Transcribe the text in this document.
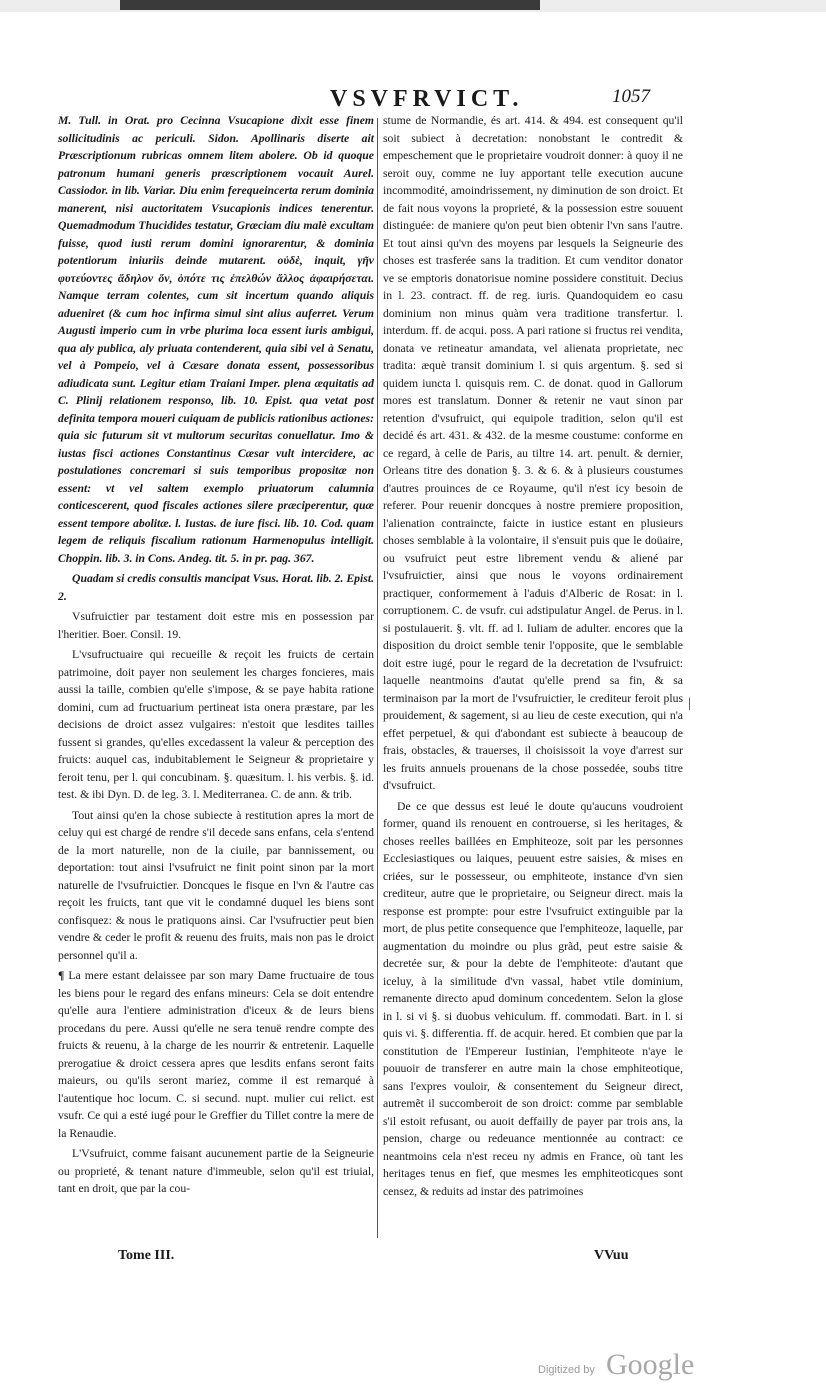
VSVFRVICT.	1057

M. Tull. in Orat. pro Cecinna Vsucapione dixit esse finem sollicitudinis ac periculi. Sidon. Apollinaris diserte ait Præscriptionum rubricas omnem litem abolere. Ob id quoque patronum humani generis præscriptionem vocauit Aurel. Cassiodor. in lib. Variar. Diu enim ferequeincerta rerum dominia manerent, nisi auctoritatem Vsucapionis indices tenerentur. Quemadmodum Thucidides testatur, Græciam diu malè excultam fuisse, quod iusti rerum domini ignorarentur, & dominia potentiorum iniuriis deinde mutarent. οὐδὲ, inquit, γῆν φυτεύοντες ἄδηλον ὄν, ὁπότε τις ἐπελθών ἄλλος ἀφαιρήσεται. Namque terram colentes, cum sit incertum quando aliquis adueniret (& cum hoc infirma simul sint alius auferret. Verum Augusti imperio cum in vrbe plurima loca essent iuris ambigui, qua aly publica, aly priuata contenderent, quia sibi vel à Senatu, vel à Pompeio, vel à Cæsare donata essent, possessoribus adiudicata sunt. Legitur etiam Traiani Imper. plena æquitatis ad C. Plinij relationem responso, lib. 10. Epist. qua vetat post definita tempora moueri cuiquam de publicis rationibus actiones: quia sic futurum sit vt multorum securitas conuellatur. Imo & iustas fisci actiones Constantinus Cæsar vult intercidere, ac postulationes concremari si suis temporibus propositæ non essent: vt vel saltem exemplo priuatorum calumnia conticescerent, quod fiscales actiones silere præciperentur, quæ essent tempore abolitæ. l. Iustas. de iure fisci. lib. 10. Cod. quam legem de reliquis fiscalium rationum Harmenopulus intelligit. Choppin. lib. 3. in Cons. Andeg. tit. 5. in pr. pag. 367.

Quadam si credis consultis mancipat Vsus. Horat. lib. 2. Epist. 2.

Vsufruictier par testament doit estre mis en possession par l'heritier. Boer. Consil. 19.

L'vsufructuaire qui recueille & reçoit les fruicts de certain patrimoine, doit payer non seulement les charges foncieres, mais aussi la taille, combien qu'elle s'impose, & se paye habita ratione domini, cum ad fructuarium pertineat ista onera præstare, par les decisions de droict assez vulgaires: n'estoit que lesdites tailles fussent si grandes, qu'elles excedassent la valeur & perception des fruicts: auquel cas, indubitablement le Seigneur & proprietaire y feroit tenu, per l. qui concubinam. §. quæsitum. l. his verbis. §. id. test. & ibi Dyn. D. de leg. 3. l. Mediterranea. C. de ann. & trib.

Tout ainsi qu'en la chose subiecte à restitution apres la mort de celuy qui est chargé de rendre s'il decede sans enfans, cela s'entend de la mort naturelle, non de la ciuile, par bannissement, ou deportation: tout ainsi l'vsufruict ne finit point sinon par la mort naturelle de l'vsufruictier. Doncques le fisque en l'vn & l'autre cas reçoit les fruicts, tant que vit le condamné duquel les biens sont confisquez: & nous le pratiquons ainsi. Car l'vsufructier peut bien vendre & ceder le profit & reuenu des fruits, mais non pas le droict personnel qu'il a.

¶ La mere estant delaissee par son mary Dame fructuaire de tous les biens pour le regard des enfans mineurs: Cela se doit entendre qu'elle aura l'entiere administration d'iceux & de leurs biens procedans du pere. Aussi qu'elle ne sera tenuë rendre compte des fruicts & reuenu, à la charge de les nourrir & entretenir. Laquelle prerogatiue & droict cessera apres que lesdits enfans seront faits maieurs, ou qu'ils seront mariez, comme il est remarqué à l'autentique hoc locum. C. si secund. nupt. mulier cui relict. est vsufr. Ce qui a esté iugé pour le Greffier du Tillet contre la mere de la Renaudie.

L'Vsufruict, comme faisant aucunement partie de la Seigneurie ou proprieté, & tenant nature d'immeuble, selon qu'il est triuial, tant en droit, que par la cou-

stume de Normandie, és art. 414. & 494. est consequent qu'il soit subiect à decretation: nonobstant le contredit & empeschement que le proprietaire voudroit donner: à quoy il ne seroit ouy, comme ne luy apportant telle execution aucune incommodité, amoindrissement, ny diminution de son droict. Et de fait nous voyons la proprieté, & la possession estre souuent distinguée: de maniere qu'on peut bien obtenir l'vn sans l'autre. Et tout ainsi qu'vn des moyens par lesquels la Seigneurie des choses est trasferée sans la tradition. Et cum venditor donator ve se emptoris donatorisue nomine possidere constituit. Decius in l. 23. contract. ff. de reg. iuris. Quandoquidem eo casu dominium non minus quàm vera traditione transfertur. l. interdum. ff. de acqui. poss. A pari ratione si fructus rei vendita, donata ve retineatur amandata, vel alienata proprietate, nec tradita: æquè transit dominium l. si quis argentum. §. sed si quidem iuncta l. quisquis rem. C. de donat. quod in Gallorum mores est translatum. Donner & retenir ne vaut sinon par retention d'vsufruict, qui equipole tradition, selon qu'il est decidé és art. 431. & 432. de la mesme coustume: conforme en ce regard, à celle de Paris, au tiltre 14. art. penult. & dernier, Orleans titre des donation §. 3. & 6. & à plusieurs coustumes d'autres prouinces de ce Royaume, qu'il n'est icy besoin de referer. Pour reuenir doncques à nostre premiere proposition, l'alienation contrainctе, faicte in iustice estant en plusieurs choses semblable à la volontaire, il s'ensuit puis que le doüaire, ou vsufruict peut estre librement vendu & aliené par l'vsufruictier, ainsi que nous le voyons ordinairement practiquer, conformement à l'aduis d'Alberic de Rosat: in l. corruptionem. C. de vsufr. cui adstipulatur Angel. de Perus. in l. si postulauerit. §. vlt. ff. ad l. Iuliam de adulter. encores que la disposition du droict semble tenir l'opposite, que le semblable doit estre iugé, pour le regard de la decretation de l'vsufruict: laquelle neantmoins d'autat qu'elle prend sa fin, & sa terminaison par la mort de l'vsufruictier, le crediteur feroit plus prouidement, & sagement, si au lieu de ceste execution, qui n'a effet perpetuel, & qui d'abondant est subiecte à beaucoup de frais, obstacles, & trauerses, il choisissoit la voye d'arrest sur les fruits annuels prouenans de la chose possedée, soubs titre d'vsufruict.

De ce que dessus est leué le doute qu'aucuns voudroient former, quand ils renouent en controuerse, si les heritages, & choses reelles baillées en Emphiteoze, soit par les personnes Ecclesiastiques ou laiques, peuuent estre saisies, & mises en criées, sur le possesseur, ou emphiteote, instance d'vn sien crediteur, autre que le proprietaire, ou Seigneur direct. mais la response est prompte: pour estre l'vsufruict extinguible par la mort, de plus petite consequence que l'emphiteoze, laquelle, par augmentation du moindre ou plus grãd, peut estre saisie & decretée sur, & pour la debte de l'emphiteote: d'autant que iceluy, à la similitude d'vn vassal, habet vtile dominium, remanente directo apud dominum concedentem. Selon la glose in l. si vi §. si duobus vehiculum. ff. commodati. Bart. in l. si quis vi. §. differentia. ff. de acquir. hered. Et combien que par la constitution de l'Empereur Iustinian, l'emphiteote n'aye le pouuoir de transferer en autre main la chose emphiteotique, sans l'expres vouloir, & consentement du Seigneur direct, autremẽt il succomberoit de son droict: comme par semblable s'il estoit refusant, ou auoit deffailly de payer par trois ans, la pension, charge ou redeuance mentionnée au contract: ce neantmoins cela n'est receu ny admis en France, où tant les heritages tenus en fief, que mesmes les emphiteoticques sont censez, & reduits ad instar des patrimoines

|
Tome III.	VVuu
Digitized by Google
